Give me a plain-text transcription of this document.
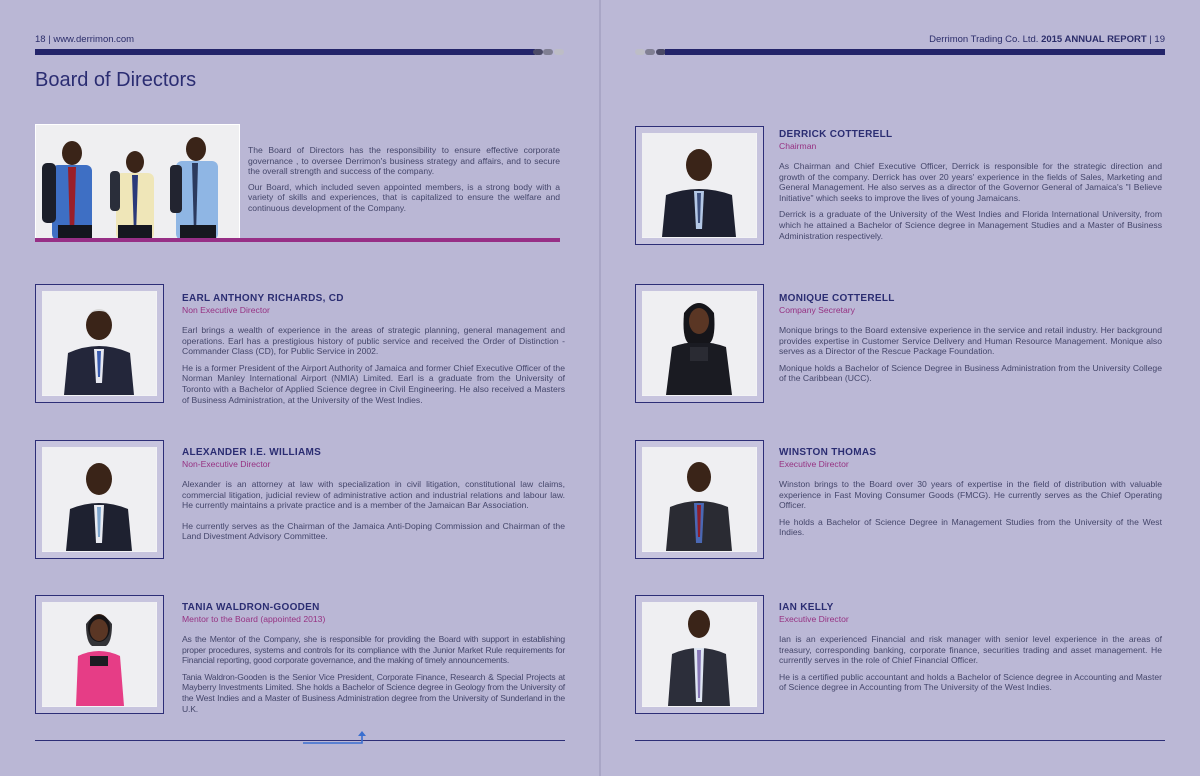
18 | www.derrimon.com
Board of Directors

The Board of Directors has the responsibility to ensure effective corporate governance , to oversee Derrimon's business strategy and affairs, and to secure the overall strength and success of the company.

Our Board, which included seven appointed members, is a strong body with a variety of skills and experiences, that is capitalized to ensure the welfare and continuous development of the Company.

EARL ANTHONY RICHARDS, CD
Non Executive Director

Earl brings a wealth of experience in the areas of strategic planning, general management and operations. Earl has a prestigious history of public service and received the Order of Distinction - Commander Class (CD), for Public Service in 2002.

He is a former President of the Airport Authority of Jamaica and former Chief Executive Officer of the Norman Manley International Airport (NMIA) Limited. Earl is a graduate from the University of Toronto with a Bachelor of Applied Science degree in Civil Engineering. He also received a Masters of Business Administration, at the University of the West Indies.

ALEXANDER I.E. WILLIAMS
Non-Executive Director

Alexander is an attorney at law with specialization in civil litigation, constitutional law claims, commercial litigation, judicial review of administrative action and industrial relations and labour law. He currently maintains a private practice and is a member of the Jamaican Bar Association.

He currently serves as the Chairman of the Jamaica Anti-Doping Commission and Chairman of the Land Divestment Advisory Committee.

TANIA WALDRON-GOODEN
Mentor to the Board (appointed 2013)

As the Mentor of the Company, she is responsible for providing the Board with support in establishing proper procedures, systems and controls for its compliance with the Junior Market Rule requirements for Financial reporting, good corporate governance, and the making of timely announcements.

Tania Waldron-Gooden is the Senior Vice President, Corporate Finance, Research & Special Projects at Mayberry Investments Limited. She holds a Bachelor of Science degree in Geology from the University of the West Indies and a Master of Business Administration degree from the University of Sunderland in the U.K.

Derrimon Trading Co. Ltd. 2015 ANNUAL REPORT | 19
DERRICK COTTERELL
Chairman

As Chairman and Chief Executive Officer, Derrick is responsible for the strategic direction and growth of the company. Derrick has over 20 years' experience in the fields of Sales, Marketing and General Management. He also serves as a director of the Governor General of Jamaica's "I Believe Initiative" which seeks to improve the lives of young Jamaicans.

Derrick is a graduate of the University of the West Indies and Florida International University, from which he attained a Bachelor of Science degree in Management Studies and a Master of Business Administration respectively.

MONIQUE COTTERELL
Company Secretary

Monique brings to the Board extensive experience in the service and retail industry. Her background provides expertise in Customer Service Delivery and Human Resource Management. Monique also serves as a Director of the Rescue Package Foundation.

Monique holds a Bachelor of Science Degree in Business Administration from the University College of the Caribbean (UCC).

WINSTON THOMAS
Executive Director

Winston brings to the Board over 30 years of expertise in the field of distribution with valuable experience in Fast Moving Consumer Goods (FMCG). He currently serves as the Chief Operating Officer.

He holds a Bachelor of Science Degree in Management Studies from the University of the West Indies.

IAN KELLY
Executive Director

Ian is an experienced Financial and risk manager with senior level experience in the areas of treasury, corresponding banking, corporate finance, securities trading and asset management. He currently serves in the role of Chief Financial Officer.

He is a certified public accountant and holds a Bachelor of Science degree in Accounting and Master of Science degree in Accounting from The University of the West Indies.
